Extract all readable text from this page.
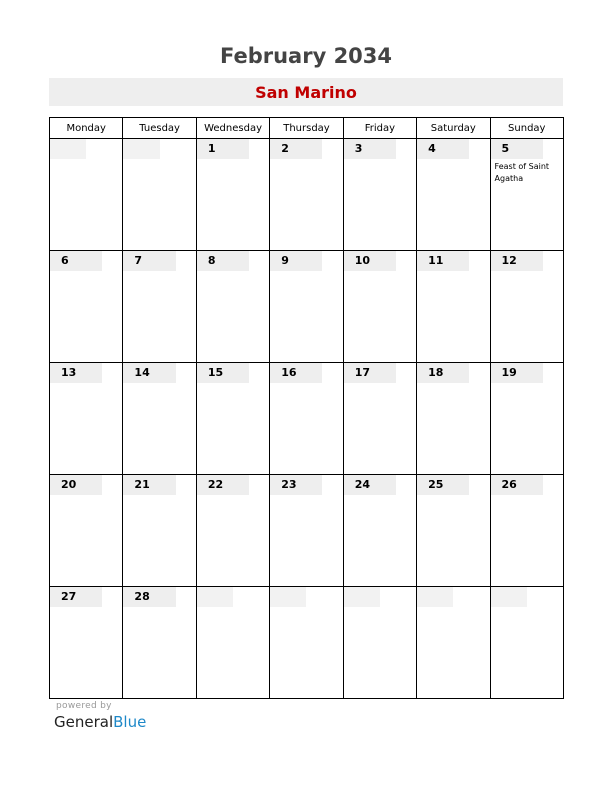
February 2034
San Marino
Monday	Tuesday	Wednesday	Thursday	Friday	Saturday	Sunday

		1	2	3	4	5
Feast of Saint Agatha

6	7	8	9	10	11	12

13	14	15	16	17	18	19

20	21	22	23	24	25	26

27	28					

powered by
GeneralBlue
